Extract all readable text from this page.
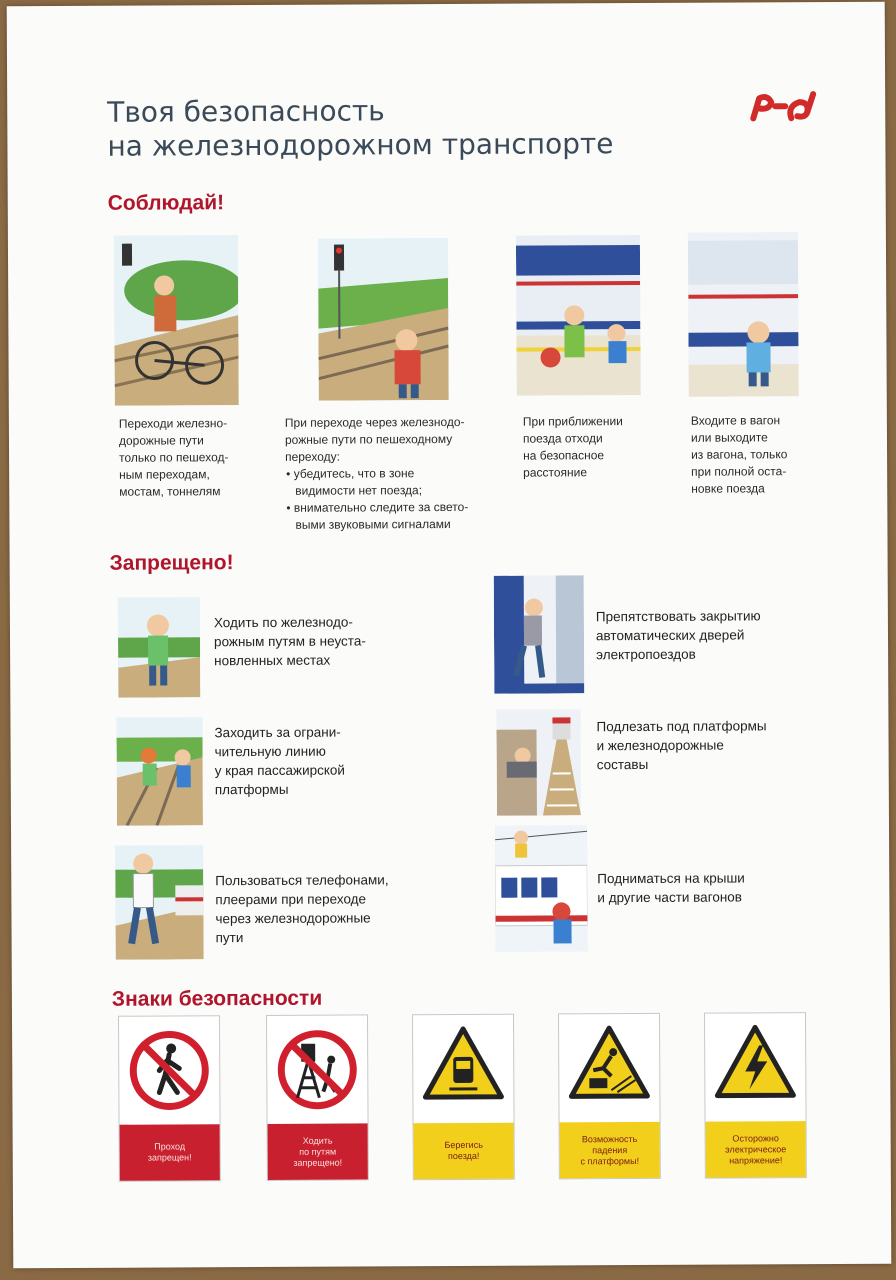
Твоя безопасность
на железнодорожном транспорте
Соблюдай!
Переходи железно-
дорожные пути
только по пешеход-
ным переходам,
мостам, тоннелям
При переходе через железнодо-
рожные пути по пешеходному
переходу:
• убедитесь, что в зоне
видимости нет поезда;
• внимательно следите за свето-
выми звуковыми сигналами
При приближении
поезда отходи
на безопасное
расстояние
Входите в вагон
или выходите
из вагона, только
при полной оста-
новке поезда
Запрещено!
Ходить по железнодо-
рожным путям в неуста-
новленных местах
Препятствовать закрытию
автоматических дверей
электропоездов
Заходить за ограни-
чительную линию
у края пассажирской
платформы
Подлезать под платформы
и железнодорожные
составы
Пользоваться телефонами,
плеерами при переходе
через железнодорожные
пути
Подниматься на крыши
и другие части вагонов
Знаки безопасности
Проход
запрещен!
Ходить
по путям
запрещено!
Берегись
поезда!
Возможность
падения
с платформы!
Осторожно
электрическое
напряжение!
